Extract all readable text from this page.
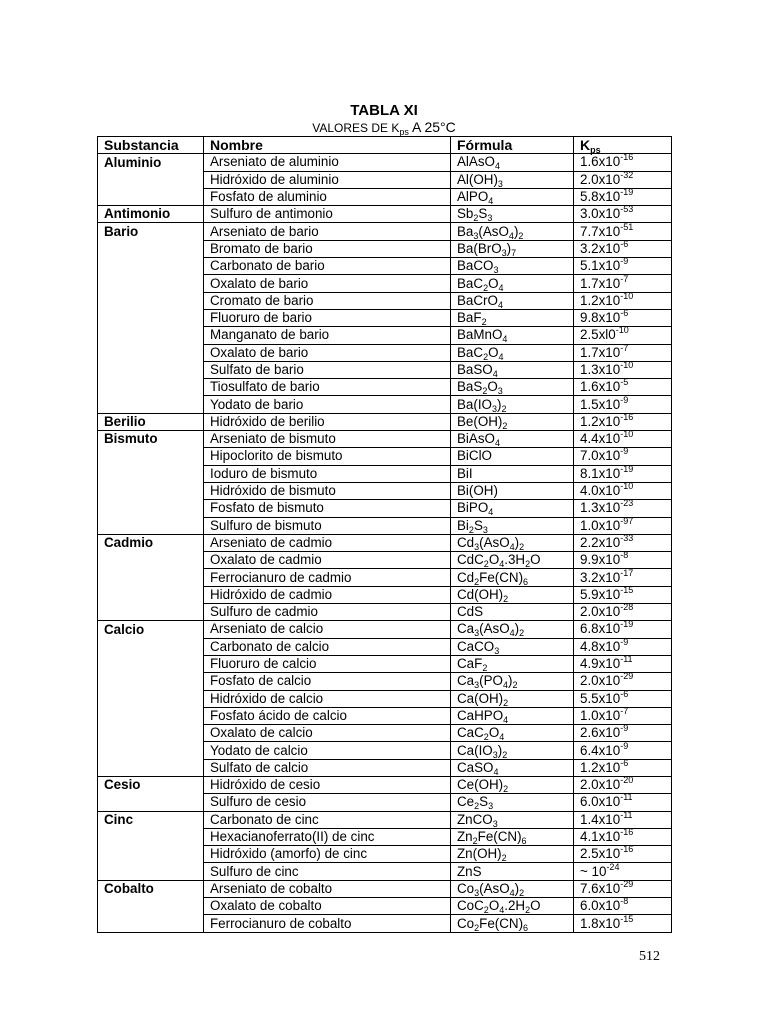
TABLA XI
VALORES DE $K_{ps}$ A 25°C
Substancia	Nombre	Fórmula	$K_{ps}$
Aluminio	Arseniato de aluminio	AlAsO$_4$	$1.6x10^{-16}$
	Hidróxido de aluminio	$Al(OH)_3$	$2.0x10^{-32}$
	Fosfato de aluminio	AlPO$_4$	$5.8x10^{-19}$
Antimonio	Sulfuro de antimonio	$Sb_2S_3$	$3.0x10^{-53}$
Bario	Arseniato de bario	$Ba_3(AsO_4)_2$	$7.7x10^{-51}$
	Bromato de bario	$Ba(BrO_3)_7$	$3.2x10^{-6}$
	Carbonato de bario	BaCO$_3$	$5.1x10^{-9}$
	Oxalato de bario	$BaC_2O_4$	$1.7x10^{-7}$
	Cromato de bario	BaCrO$_4$	$1.2x10^{-10}$
	Fluoruro de bario	BaF$_2$	$9.8x10^{-6}$
	Manganato de bario	BaMnO$_4$	$2.5xl0^{-10}$
	Oxalato de bario	$BaC_2O_4$	$1.7x10^{-7}$
	Sulfato de bario	BaSO$_4$	$1.3x10^{-10}$
	Tiosulfato de bario	$BaS_2O_3$	$1.6x10^{-5}$
	Yodato de bario	$Ba(IO_3)_2$	$1.5x10^{-9}$
Berilio	Hidróxido de berilio	$Be(OH)_2$	$1.2x10^{-16}$
Bismuto	Arseniato de bismuto	BiAsO$_4$	$4.4x10^{-10}$
	Hipoclorito de bismuto	BiClO	$7.0x10^{-9}$
	Ioduro de bismuto	BiI	$8.1x10^{-19}$
	Hidróxido de bismuto	Bi(OH)	$4.0x10^{-10}$
	Fosfato de bismuto	BiPO$_4$	$1.3x10^{-23}$
	Sulfuro de bismuto	$Bi_2S_3$	$1.0x10^{-97}$
Cadmio	Arseniato de cadmio	$Cd_3(AsO_4)_2$	$2.2x10^{-33}$
	Oxalato de cadmio	$CdC_2O_4.3H_2O$	$9.9x10^{-8}$
	Ferrocianuro de cadmio	$Cd_2Fe(CN)_6$	$3.2x10^{-17}$
	Hidróxido de cadmio	$Cd(OH)_2$	$5.9x10^{-15}$
	Sulfuro de cadmio	CdS	$2.0x10^{-28}$
Calcio	Arseniato de calcio	$Ca_3(AsO_4)_2$	$6.8x10^{-19}$
	Carbonato de calcio	CaCO$_3$	$4.8x10^{-9}$
	Fluoruro de calcio	CaF$_2$	$4.9x10^{-11}$
	Fosfato de calcio	$Ca_3(PO_4)_2$	$2.0x10^{-29}$
	Hidróxido de calcio	$Ca(OH)_2$	$5.5x10^{-6}$
	Fosfato ácido de calcio	CaHPO$_4$	$1.0x10^{-7}$
	Oxalato de calcio	$CaC_2O_4$	$2.6x10^{-9}$
	Yodato de calcio	$Ca(IO_3)_2$	$6.4x10^{-9}$
	Sulfato de calcio	CaSO$_4$	$1.2x10^{-6}$
Cesio	Hidróxido de cesio	$Ce(OH)_2$	$2.0x10^{-20}$
	Sulfuro de cesio	$Ce_2S_3$	$6.0x10^{-11}$
Cinc	Carbonato de cinc	ZnCO$_3$	$1.4x10^{-11}$
	Hexacianoferrato(II) de cinc	$Zn_2Fe(CN)_6$	$4.1x10^{-16}$
	Hidróxido (amorfo) de cinc	$Zn(OH)_2$	$2.5x10^{-16}$
	Sulfuro de cinc	ZnS	~ $10^{-24}$
Cobalto	Arseniato de cobalto	$Co_3(AsO_4)_2$	$7.6x10^{-29}$
	Oxalato de cobalto	$CoC_2O_4.2H_2O$	$6.0x10^{-8}$
	Ferrocianuro de cobalto	$Co_2Fe(CN)_6$	$1.8x10^{-15}$
512
